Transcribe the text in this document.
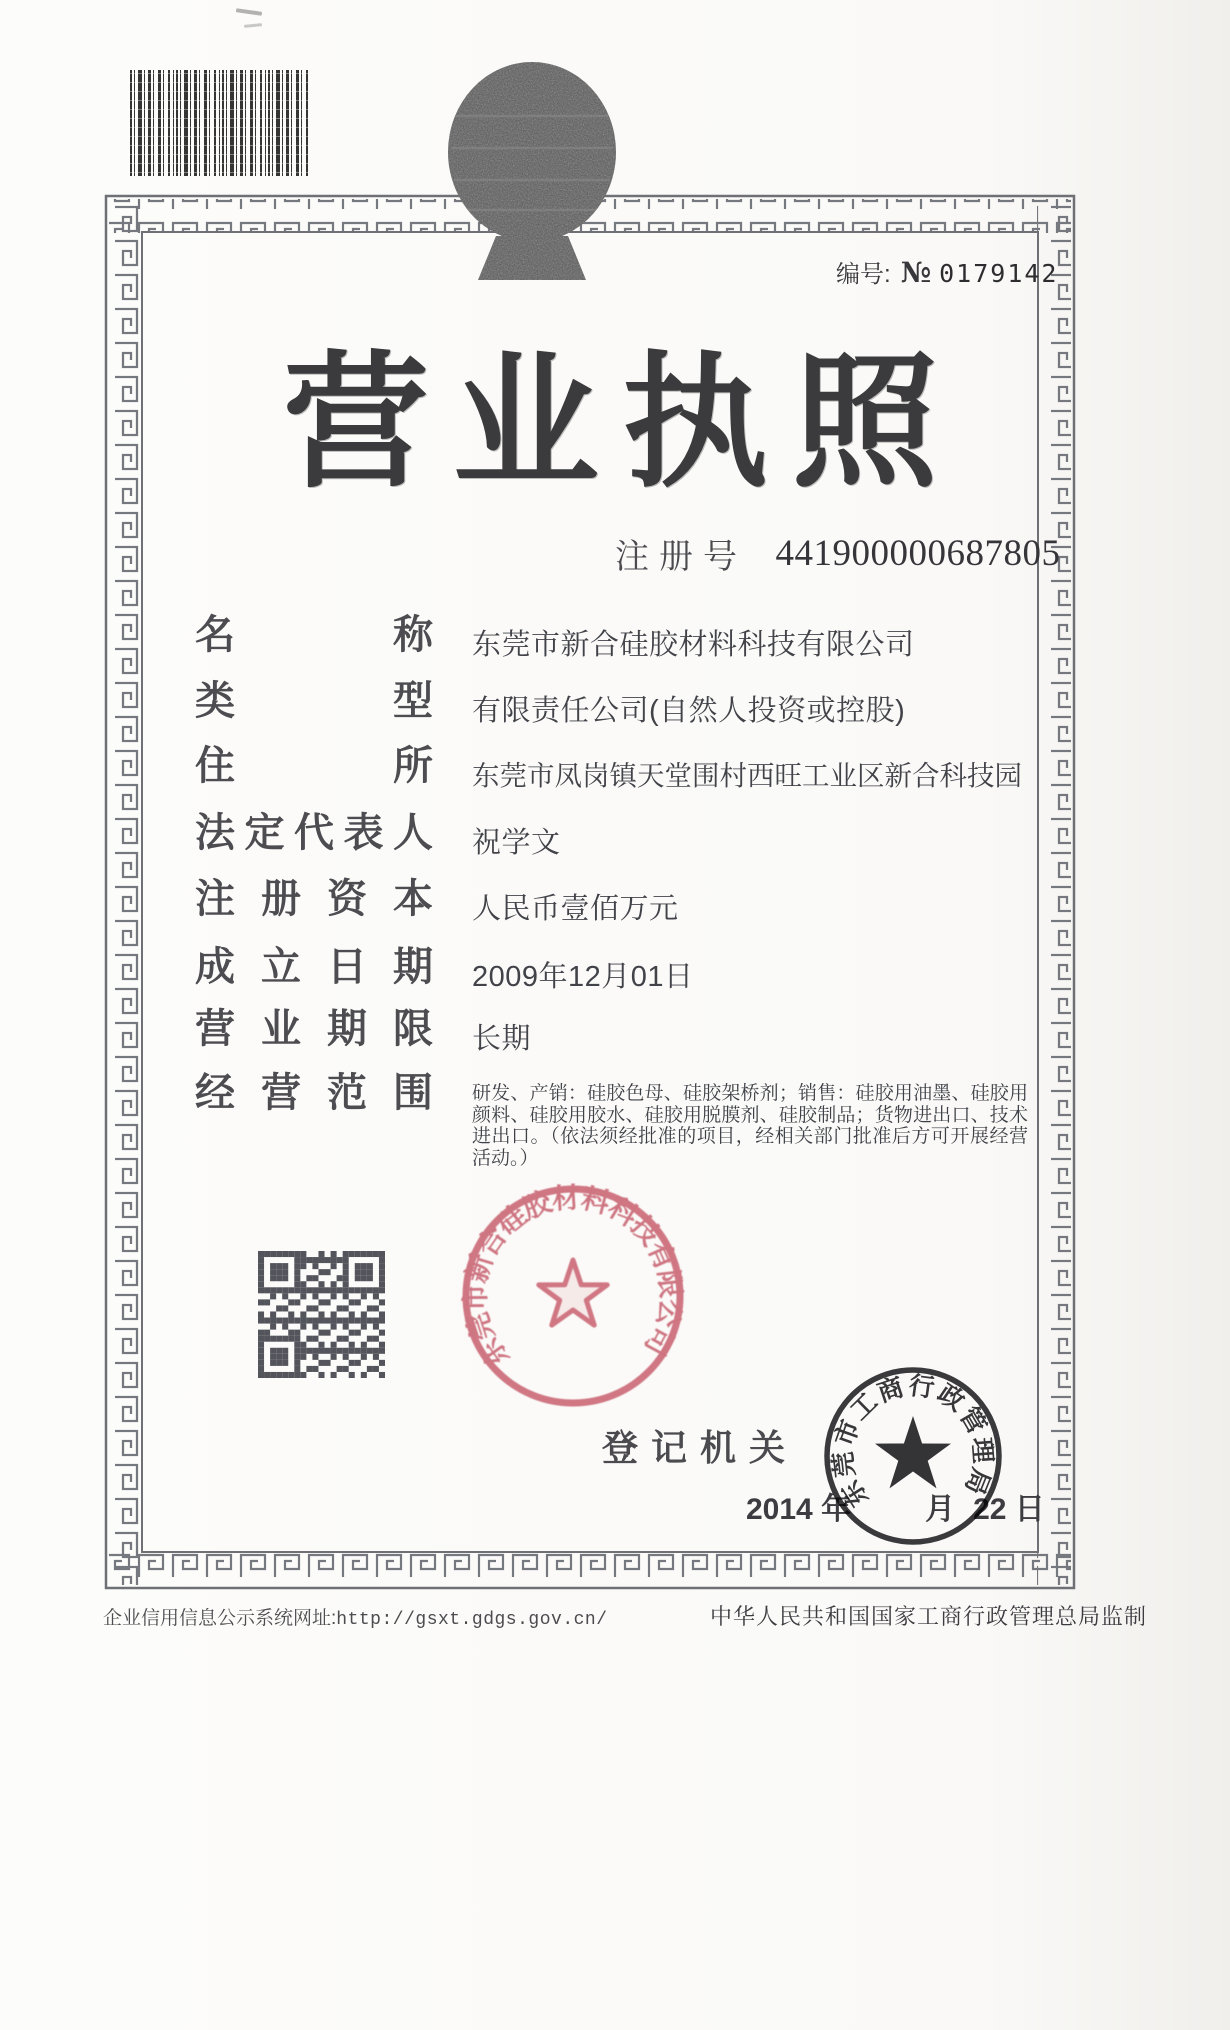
编号: № 0179142
营业执照
注册号 441900000687805
名称 东莞市新合硅胶材料科技有限公司
类型 有限责任公司(自然人投资或控股)
住所 东莞市凤岗镇天堂围村西旺工业区新合科技园
法定代表人 祝学文
注册资本 人民币壹佰万元
成立日期 2009年12月01日
营业期限 长期
经营范围 研发、产销：硅胶色母、硅胶架桥剂；销售：硅胶用油墨、硅胶用颜料、硅胶用胶水、硅胶用脱膜剂、硅胶制品；货物进出口、技术进出口。（依法须经批准的项目，经相关部门批准后方可开展经营活动。）
东莞市新合硅胶材料科技有限公司
登记机关
2014 年 月 22 日
东莞市工商行政管理局
企业信用信息公示系统网址:http://gsxt.gdgs.gov.cn/	中华人民共和国国家工商行政管理总局监制
